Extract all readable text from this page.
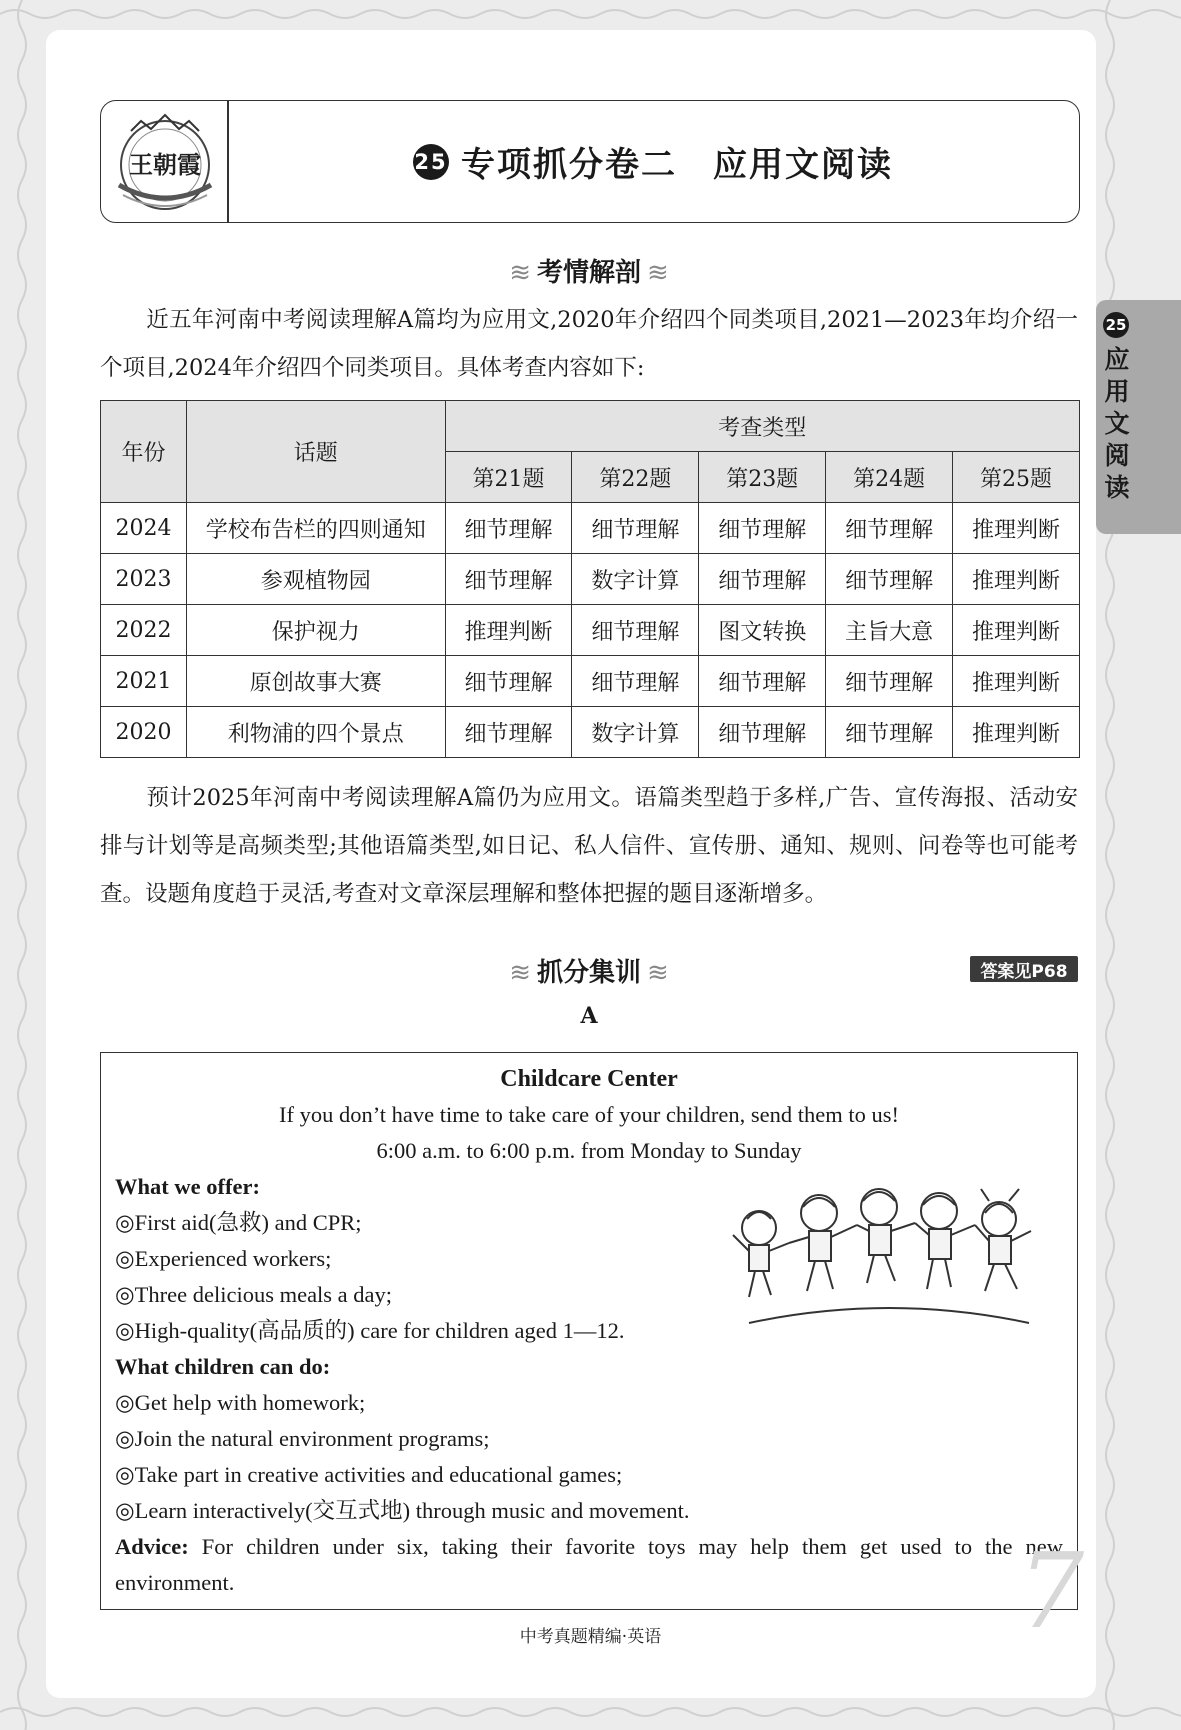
王朝霞	25 专项抓分卷二 应用文阅读
25
应用文阅读
≋ 考情解剖 ≋
近五年河南中考阅读理解A篇均为应用文,2020年介绍四个同类项目,2021—2023年均介绍一个项目,2024年介绍四个同类项目。具体考查内容如下:
年份	话题	考查类型				
		第21题	第22题	第23题	第24题	第25题
2024	学校布告栏的四则通知	细节理解	细节理解	细节理解	细节理解	推理判断
2023	参观植物园	细节理解	数字计算	细节理解	细节理解	推理判断
2022	保护视力	推理判断	细节理解	图文转换	主旨大意	推理判断
2021	原创故事大赛	细节理解	细节理解	细节理解	细节理解	推理判断
2020	利物浦的四个景点	细节理解	数字计算	细节理解	细节理解	推理判断
预计2025年河南中考阅读理解A篇仍为应用文。语篇类型趋于多样,广告、宣传海报、活动安排与计划等是高频类型;其他语篇类型,如日记、私人信件、宣传册、通知、规则、问卷等也可能考查。设题角度趋于灵活,考查对文章深层理解和整体把握的题目逐渐增多。
≋ 抓分集训 ≋	答案见P68
A
Childcare Center
If you don’t have time to take care of your children, send them to us!
6:00 a.m. to 6:00 p.m. from Monday to Sunday
What we offer:
◎First aid(急救) and CPR;
◎Experienced workers;
◎Three delicious meals a day;
◎High-quality(高品质的) care for children aged 1—12.
What children can do:
◎Get help with homework;
◎Join the natural environment programs;
◎Take part in creative activities and educational games;
◎Learn interactively(交互式地) through music and movement.
Advice: For children under six, taking their favorite toys may help them get used to the new environment.	7
中考真题精编·英语
